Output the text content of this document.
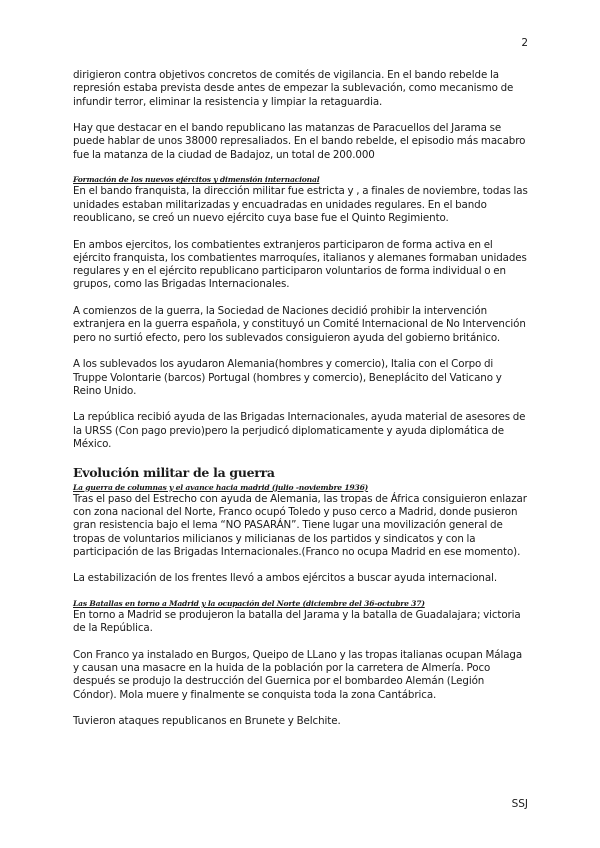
2

dirigieron contra objetivos concretos de comités de vigilancia. En el bando rebelde la represión estaba prevista desde antes de empezar la sublevación, como mecanismo de infundir terror, eliminar la resistencia y limpiar la retaguardia.

Hay que destacar en el bando republicano las matanzas de Paracuellos del Jarama se puede hablar de unos 38000 represaliados. En el bando rebelde, el episodio más macabro fue la matanza de la ciudad de Badajoz, un total de 200.000

Formación de los nuevos ejércitos y dimensión internacional

En el bando franquista, la dirección militar fue estricta y , a finales de noviembre, todas las unidades estaban militarizadas y encuadradas en unidades regulares. En el bando reoublicano, se creó un nuevo ejército cuya base fue el Quinto Regimiento.

En ambos ejercitos, los combatientes extranjeros participaron de forma activa en el ejército franquista, los combatientes marroquíes, italianos y alemanes formaban unidades regulares y en el ejército republicano participaron voluntarios de forma individual o en grupos, como las Brigadas Internacionales.

A comienzos de la guerra, la Sociedad de Naciones decidió prohibir la intervención extranjera en la guerra española, y constituyó un Comité Internacional de No Intervención pero no surtió efecto, pero los sublevados consiguieron ayuda del gobierno británico.

A los sublevados los ayudaron Alemania(hombres y comercio), Italia con el Corpo di Truppe Volontarie (barcos) Portugal (hombres y comercio), Beneplácito del Vaticano y Reino Unido.

La república recibió ayuda de las Brigadas Internacionales, ayuda material de asesores de la URSS (Con pago previo)pero la perjudicó diplomaticamente y ayuda diplomática de México.

Evolución militar de la guerra

La guerra de columnas y el avance hacia madrid (julio -noviembre 1936)

Tras el paso del Estrecho con ayuda de Alemania, las tropas de África consiguieron enlazar con zona nacional del Norte, Franco ocupó Toledo y puso cerco a Madrid, donde pusieron gran resistencia bajo el lema “NO PASARÁN”. Tiene lugar una movilización general de tropas de voluntarios milicianos y milicianas de los partidos y sindicatos y con la participación de las Brigadas Internacionales.(Franco no ocupa Madrid en ese momento).

La estabilización de los frentes llevó a ambos ejércitos a buscar ayuda internacional.

Las Batallas en torno a Madrid y la ocupación del Norte (diciembre del 36-octubre 37)

En torno a Madrid se produjeron la batalla del Jarama y la batalla de Guadalajara; victoria de la República.

Con Franco ya instalado en Burgos, Queipo de LLano y las tropas italianas ocupan Málaga y causan una masacre en la huida de la población por la carretera de Almería. Poco después se produjo la destrucción del Guernica por el bombardeo Alemán (Legión Cóndor). Mola muere y finalmente se conquista toda la zona Cantábrica.

Tuvieron ataques republicanos en Brunete y Belchite.

SSJ
